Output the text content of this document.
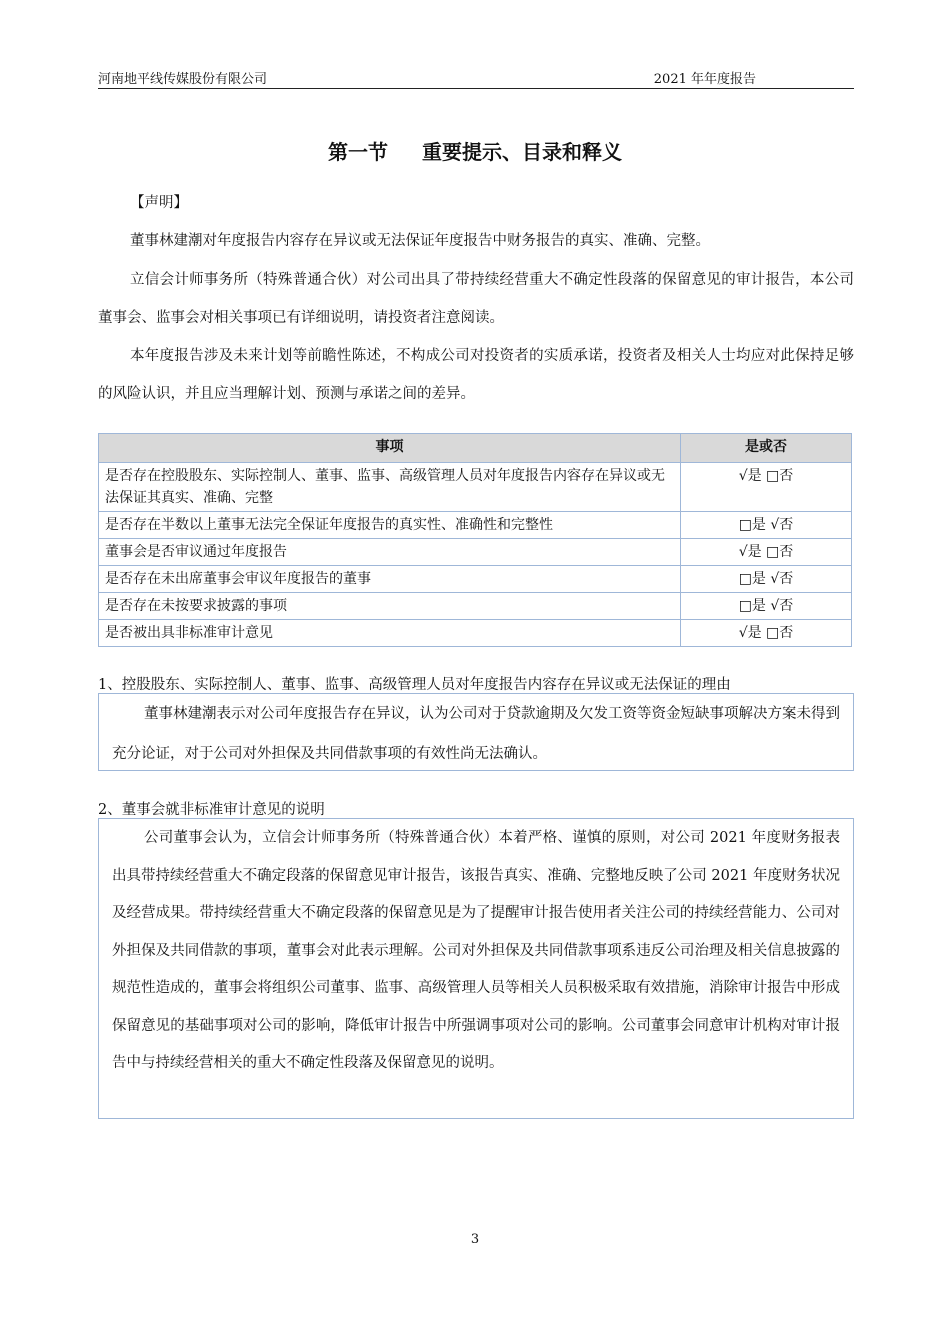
河南地平线传媒股份有限公司	2021 年年度报告
第一节 重要提示、目录和释义
【声明】

董事林建潮对年度报告内容存在异议或无法保证年度报告中财务报告的真实、准确、完整。

立信会计师事务所（特殊普通合伙）对公司出具了带持续经营重大不确定性段落的保留意见的审计报告，本公司董事会、监事会对相关事项已有详细说明，请投资者注意阅读。

本年度报告涉及未来计划等前瞻性陈述，不构成公司对投资者的实质承诺，投资者及相关人士均应对此保持足够的风险认识，并且应当理解计划、预测与承诺之间的差异。

事项	是或否
是否存在控股股东、实际控制人、董事、监事、高级管理人员对年度报告内容存在异议或无法保证其真实、准确、完整	√是 □否
是否存在半数以上董事无法完全保证年度报告的真实性、准确性和完整性	□是 √否
董事会是否审议通过年度报告	√是 □否
是否存在未出席董事会审议年度报告的董事	□是 √否
是否存在未按要求披露的事项	□是 √否
是否被出具非标准审计意见	√是 □否
1、控股股东、实际控制人、董事、监事、高级管理人员对年度报告内容存在异议或无法保证的理由

董事林建潮表示对公司年度报告存在异议，认为公司对于贷款逾期及欠发工资等资金短缺事项解决方案未得到充分论证，对于公司对外担保及共同借款事项的有效性尚无法确认。

2、董事会就非标准审计意见的说明

公司董事会认为，立信会计师事务所（特殊普通合伙）本着严格、谨慎的原则，对公司 2021 年度财务报表出具带持续经营重大不确定段落的保留意见审计报告，该报告真实、准确、完整地反映了公司 2021 年度财务状况及经营成果。带持续经营重大不确定段落的保留意见是为了提醒审计报告使用者关注公司的持续经营能力、公司对外担保及共同借款的事项，董事会对此表示理解。公司对外担保及共同借款事项系违反公司治理及相关信息披露的规范性造成的，董事会将组织公司董事、监事、高级管理人员等相关人员积极采取有效措施，消除审计报告中形成保留意见的基础事项对公司的影响，降低审计报告中所强调事项对公司的影响。公司董事会同意审计机构对审计报告中与持续经营相关的重大不确定性段落及保留意见的说明。

3
